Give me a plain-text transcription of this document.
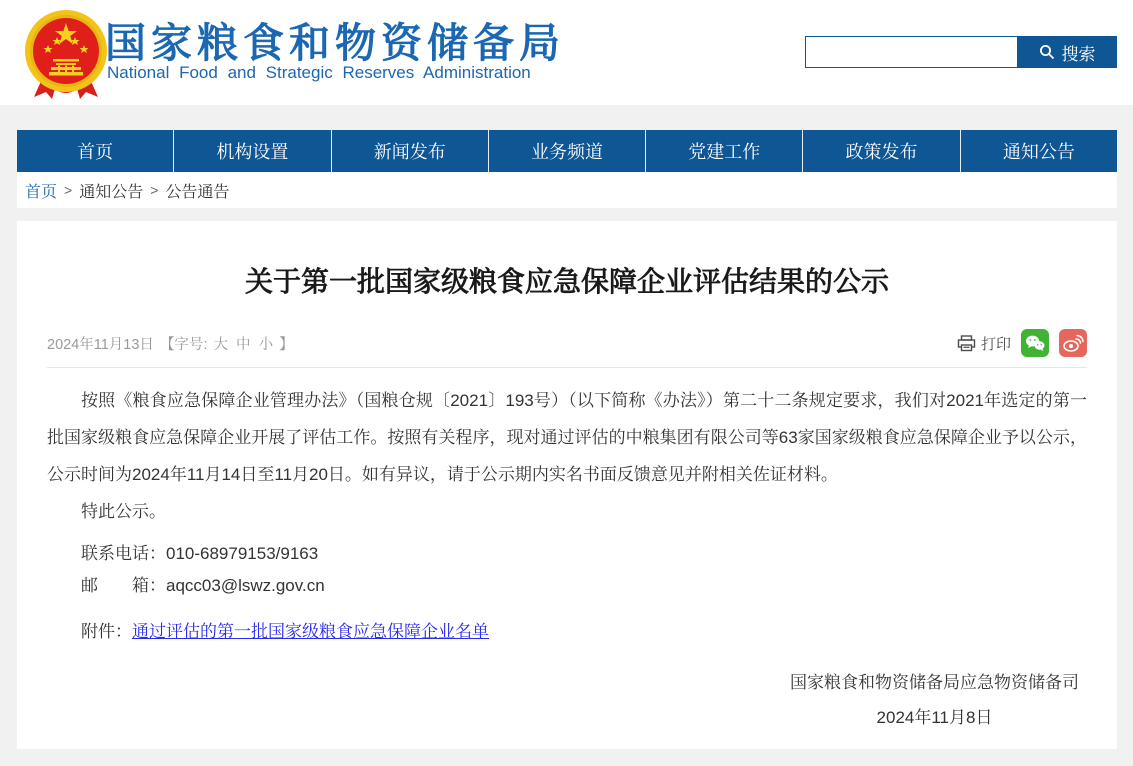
国家粮食和物资储备局
National Food and Strategic Reserves Administration
搜索
首页	机构设置	新闻发布	业务频道	党建工作	政策发布	通知公告
首页 > 通知公告 > 公告通告
关于第一批国家级粮食应急保障企业评估结果的公示
2024年11月13日 【字号: 大 中 小 】	打印

按照《粮食应急保障企业管理办法》（国粮仓规〔2021〕193号）（以下简称《办法》）第二十二条规定要求，我们对2021年选定的第一批国家级粮食应急保障企业开展了评估工作。按照有关程序，现对通过评估的中粮集团有限公司等63家国家级粮食应急保障企业予以公示，公示时间为2024年11月14日至11月20日。如有异议，请于公示期内实名书面反馈意见并附相关佐证材料。

特此公示。

联系电话：010-68979153/9163

邮　　箱：aqcc03@lswz.gov.cn

附件：通过评估的第一批国家级粮食应急保障企业名单

国家粮食和物资储备局应急物资储备司
2024年11月8日
